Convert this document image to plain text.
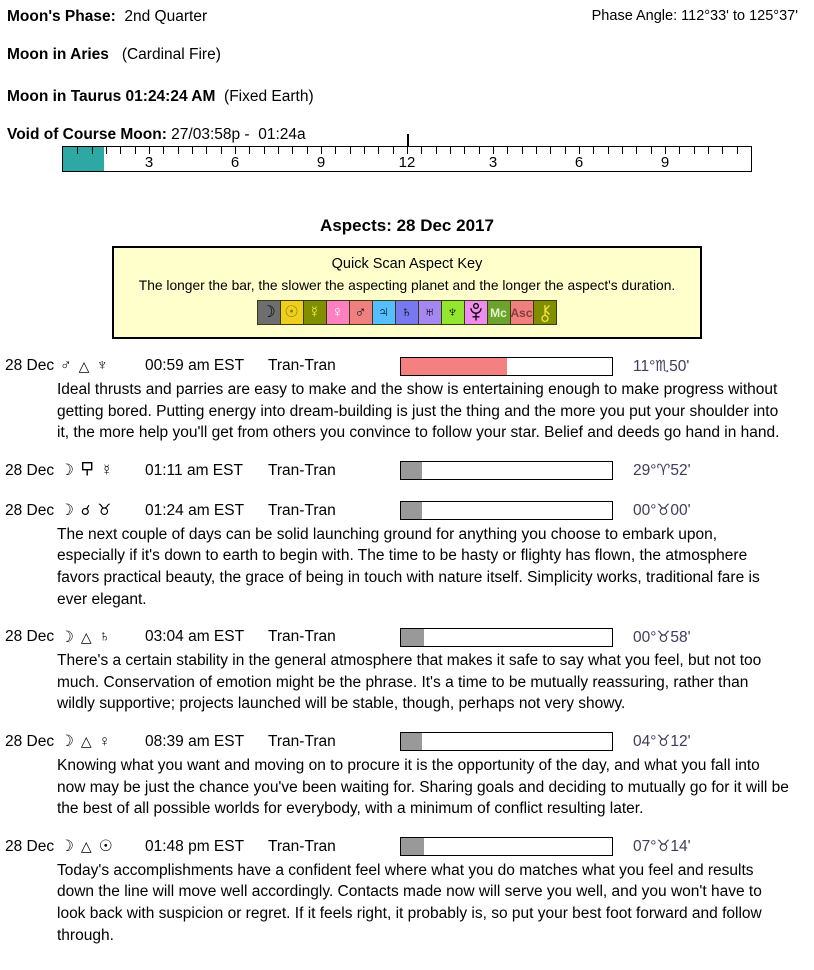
Phase Angle: 112°33' to 125°37'
Moon's Phase: 2nd Quarter
Moon in Aries (Cardinal Fire)
Moon in Taurus 01:24:24 AM (Fixed Earth)
Void of Course Moon: 27/03:58p -  01:24a
3	6	9	12	3	6	9
Aspects: 28 Dec 2017
Quick Scan Aspect Key
The longer the bar, the slower the aspecting planet and the longer the aspect's duration.
☽ ☉ ☿ ♀ ♂ ♃ ♄ ♅ ♆	Mc Asc
28 Dec ♂ △ ♆ 00:59 am EST	Tran-Tran	11°♏50'

Ideal thrusts and parries are easy to make and the show is entertaining enough to make progress without getting bored. Putting energy into dream-building is just the thing and the more you put your shoulder into it, the more help you'll get from others you convince to follow your star. Belief and deeds go hand in hand.

28 Dec ☽ ☿ 01:11 am EST	Tran-Tran	29°♈52'
28 Dec ☽ ☌ ♉ 01:24 am EST	Tran-Tran	00°♉00'

The next couple of days can be solid launching ground for anything you choose to embark upon, especially if it's down to earth to begin with. The time to be hasty or flighty has flown, the atmosphere favors practical beauty, the grace of being in touch with nature itself. Simplicity works, traditional fare is ever elegant.

28 Dec ☽ △ ♄ 03:04 am EST	Tran-Tran	00°♉58'

There's a certain stability in the general atmosphere that makes it safe to say what you feel, but not too much. Conservation of emotion might be the phrase. It's a time to be mutually reassuring, rather than wildly supportive; projects launched will be stable, though, perhaps not very showy.

28 Dec ☽ △ ♀ 08:39 am EST	Tran-Tran	04°♉12'

Knowing what you want and moving on to procure it is the opportunity of the day, and what you fall into now may be just the chance you've been waiting for. Sharing goals and deciding to mutually go for it will be the best of all possible worlds for everybody, with a minimum of conflict resulting later.

28 Dec ☽ △ ☉ 01:48 pm EST	Tran-Tran	07°♉14'

Today's accomplishments have a confident feel where what you do matches what you feel and results down the line will move well accordingly. Contacts made now will serve you well, and you won't have to look back with suspicion or regret. If it feels right, it probably is, so put your best foot forward and follow through.
